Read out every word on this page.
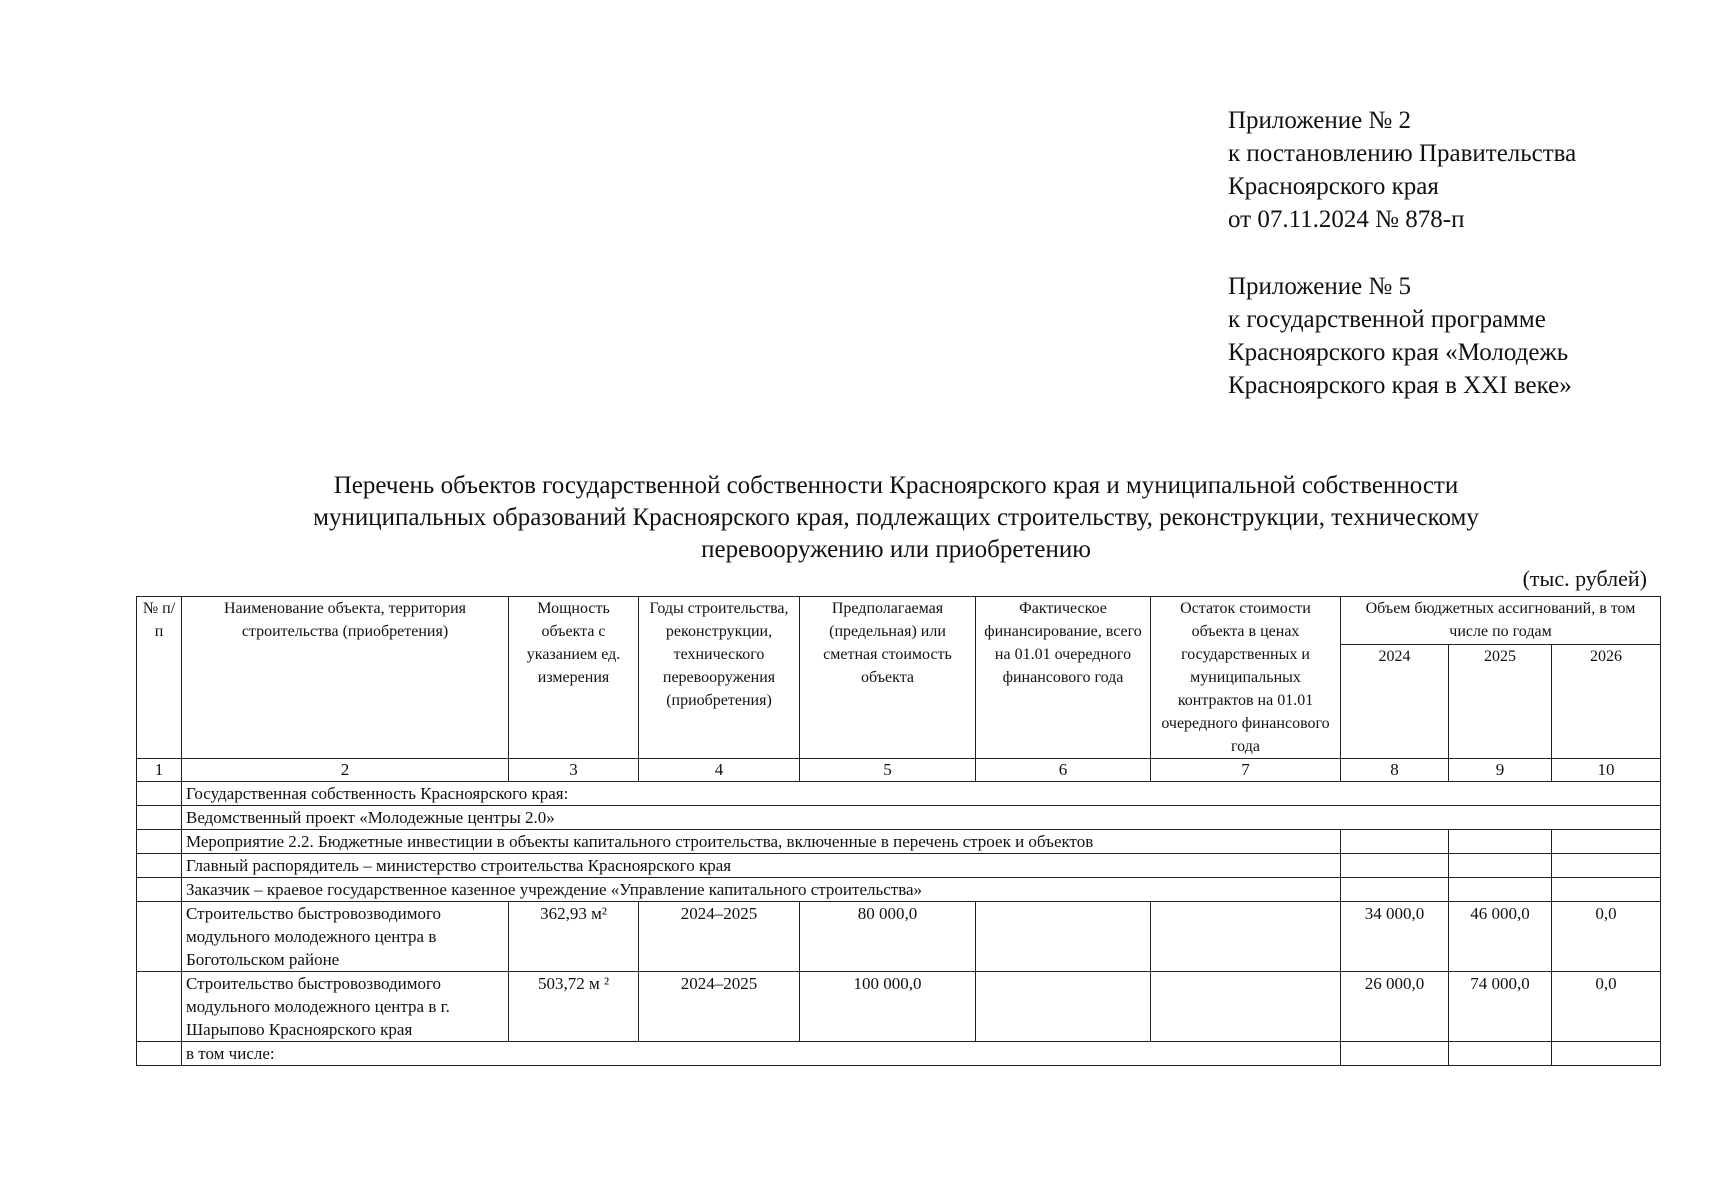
Приложение № 2
к постановлению Правительства
Красноярского края
от 07.11.2024 № 878-п
Приложение № 5
к государственной программе
Красноярского края «Молодежь
Красноярского края в XXI веке»
Перечень объектов государственной собственности Красноярского края и муниципальной собственности
муниципальных образований Красноярского края, подлежащих строительству, реконструкции, техническому
перевооружению или приобретению
(тыс. рублей)
№ п/п	Наименование объекта, территория строительства (приобретения)	Мощность объекта с указанием ед. измерения	Годы строительства, реконструкции, технического перевооружения (приобретения)	Предполагаемая (предельная) или сметная стоимость объекта	Фактическое финансирование, всего на 01.01 очередного финансового года	Остаток стоимости объекта в ценах государственных и муниципальных контрактов на 01.01 очередного финансового года	Объем бюджетных ассигнований, в том числе по годам		
							2024	2025	2026
1	2	3	4	5	6	7	8	9	10
	Государственная собственность Красноярского края:								
	Ведомственный проект «Молодежные центры 2.0»								
	Мероприятие 2.2. Бюджетные инвестиции в объекты капитального строительства, включенные в перечень строек и объектов								
	Главный распорядитель – министерство строительства Красноярского края								
	Заказчик – краевое государственное казенное учреждение «Управление капитального строительства»								
	Строительство быстровозводимого модульного молодежного центра в Боготольском районе	362,93 м²	2024–2025	80 000,0			34 000,0	46 000,0	0,0
	Строительство быстровозводимого модульного молодежного центра в г. Шарыпово Красноярского края	503,72 м ²	2024–2025	100 000,0			26 000,0	74 000,0	0,0
	в том числе:								
